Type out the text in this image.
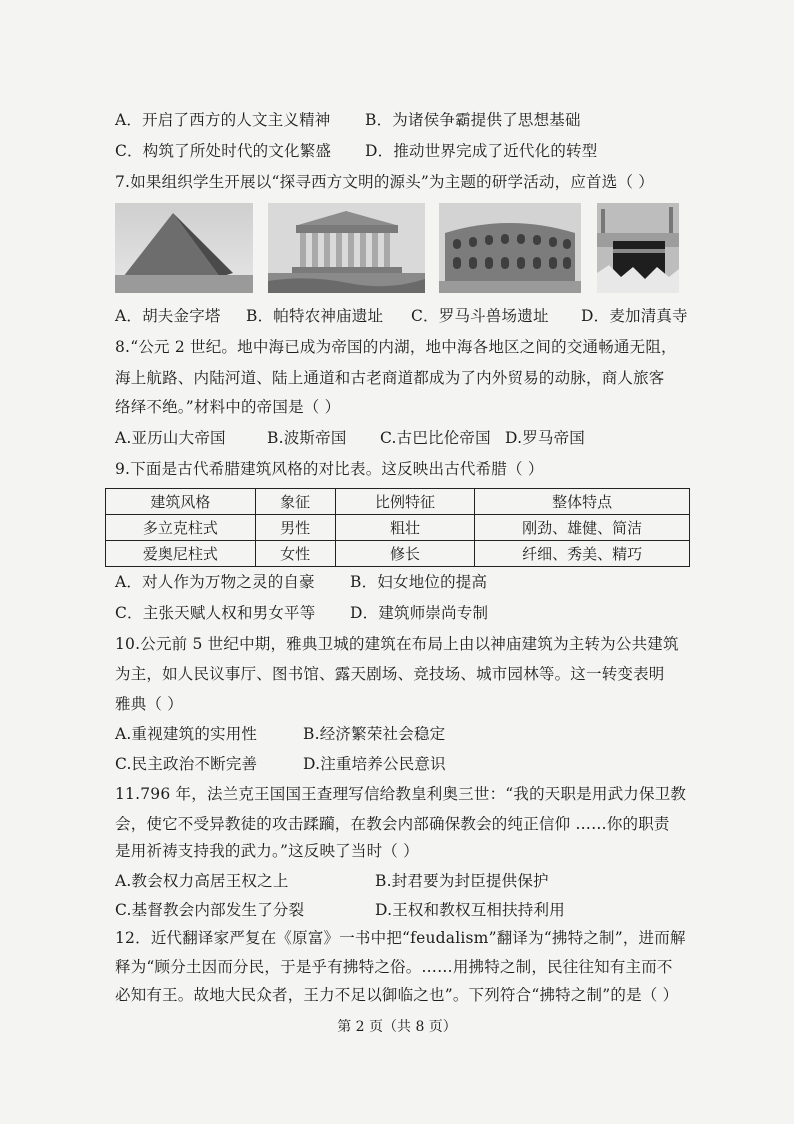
A．开启了西方的人文主义精神 B．为诸侯争霸提供了思想基础
C．构筑了所处时代的文化繁盛 D．推动世界完成了近代化的转型
7.如果组织学生开展以“探寻西方文明的源头”为主题的研学活动，应首选（ ）
A．胡夫金字塔 B．帕特农神庙遗址 C．罗马斗兽场遗址 D．麦加清真寺
8.“公元 2 世纪。地中海已成为帝国的内湖，地中海各地区之间的交通畅通无阻，
海上航路、内陆河道、陆上通道和古老商道都成为了内外贸易的动脉，商人旅客
络绎不绝。”材料中的帝国是（ ）
A.亚历山大帝国	B.波斯帝国 C.古巴比伦帝国 D.罗马帝国
9.下面是古代希腊建筑风格的对比表。这反映出古代希腊（ ）
建筑风格	象征	比例特征	整体特点
多立克柱式	男性	粗壮	刚劲、雄健、简洁
爱奥尼柱式	女性	修长	纤细、秀美、精巧
A．对人作为万物之灵的自豪 B．妇女地位的提高
C．主张天赋人权和男女平等 D．建筑师崇尚专制
10.公元前 5 世纪中期，雅典卫城的建筑在布局上由以神庙建筑为主转为公共建筑
为主，如人民议事厅、图书馆、露天剧场、竞技场、城市园林等。这一转变表明
雅典（ ）
A.重视建筑的实用性	B.经济繁荣社会稳定
C.民主政治不断完善	D.注重培养公民意识
11.796 年，法兰克王国国王查理写信给教皇利奥三世：“我的天职是用武力保卫教
会，使它不受异教徒的攻击蹂躏，在教会内部确保教会的纯正信仰 ……你的职责
是用祈祷支持我的武力。”这反映了当时（ ）
A.教会权力高居王权之上	B.封君要为封臣提供保护
C.基督教会内部发生了分裂	D.王权和教权互相扶持利用
12．近代翻译家严复在《原富》一书中把“feudalism”翻译为“拂特之制”，进而解
释为“顾分土因而分民，于是乎有拂特之俗。……用拂特之制，民往往知有主而不
必知有王。故地大民众者，王力不足以御临之也”。下列符合“拂特之制”的是（ ）
第 2 页（共 8 页）
